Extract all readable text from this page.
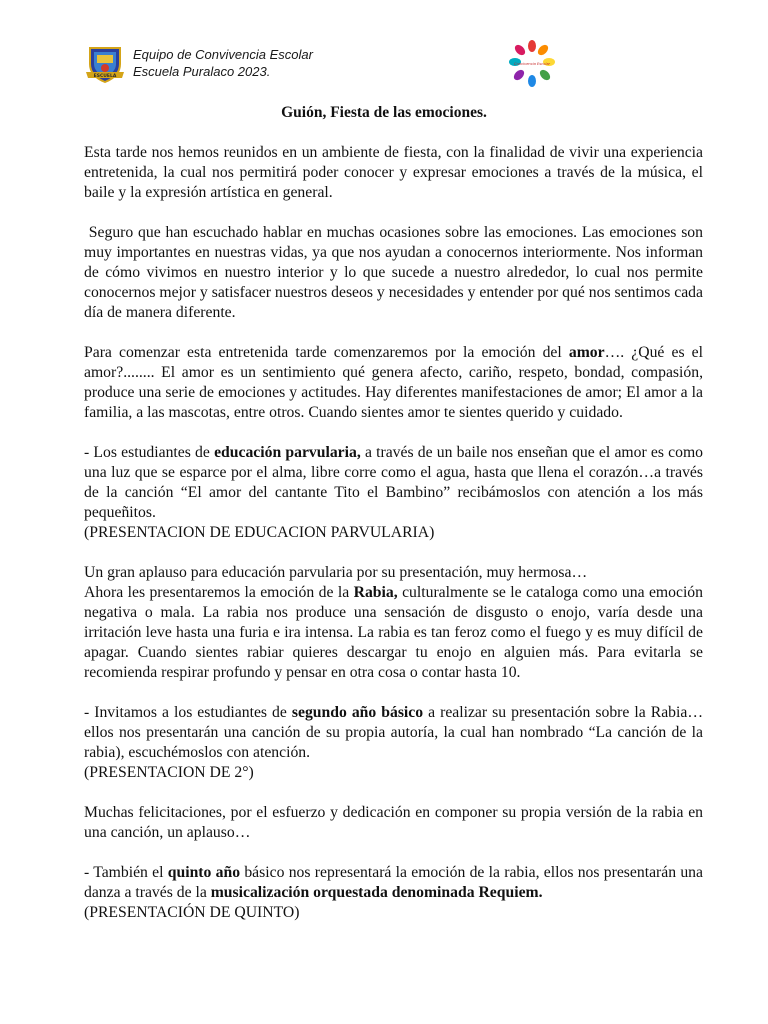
ESCUELA
Equipo de Convivencia Escolar
Escuela Puralaco 2023.	Convivencia Escolar
Guión, Fiesta de las emociones.

Esta tarde nos hemos reunidos en un ambiente de fiesta, con la finalidad de vivir una experiencia entretenida, la cual nos permitirá poder conocer y expresar emociones a través de la música, el baile y la expresión artística en general.

Seguro que han escuchado hablar en muchas ocasiones sobre las emociones. Las emociones son muy importantes en nuestras vidas, ya que nos ayudan a conocernos interiormente. Nos informan de cómo vivimos en nuestro interior y lo que sucede a nuestro alrededor, lo cual nos permite conocernos mejor y satisfacer nuestros deseos y necesidades y entender por qué nos sentimos cada día de manera diferente.

Para comenzar esta entretenida tarde comenzaremos por la emoción del amor…. ¿Qué es el amor?........ El amor es un sentimiento qué genera afecto, cariño, respeto, bondad, compasión, produce una serie de emociones y actitudes. Hay diferentes manifestaciones de amor; El amor a la familia, a las mascotas, entre otros. Cuando sientes amor te sientes querido y cuidado.

- Los estudiantes de educación parvularia, a través de un baile nos enseñan que el amor es como una luz que se esparce por el alma, libre corre como el agua, hasta que llena el corazón…a través de la canción “El amor del cantante Tito el Bambino” recibámoslos con atención a los más pequeñitos.
(PRESENTACION DE EDUCACION PARVULARIA)

Un gran aplauso para educación parvularia por su presentación, muy hermosa…
Ahora les presentaremos la emoción de la Rabia, culturalmente se le cataloga como una emoción negativa o mala. La rabia nos produce una sensación de disgusto o enojo, varía desde una irritación leve hasta una furia e ira intensa. La rabia es tan feroz como el fuego y es muy difícil de apagar. Cuando sientes rabiar quieres descargar tu enojo en alguien más. Para evitarla se recomienda respirar profundo y pensar en otra cosa o contar hasta 10.

- Invitamos a los estudiantes de segundo año básico a realizar su presentación sobre la Rabia…ellos nos presentarán una canción de su propia autoría, la cual han nombrado “La canción de la rabia), escuchémoslos con atención.
(PRESENTACION DE 2°)

Muchas felicitaciones, por el esfuerzo y dedicación en componer su propia versión de la rabia en una canción, un aplauso…

- También el quinto año básico nos representará la emoción de la rabia, ellos nos presentarán una danza a través de la musicalización orquestada denominada Requiem.
(PRESENTACIÓN DE QUINTO)
